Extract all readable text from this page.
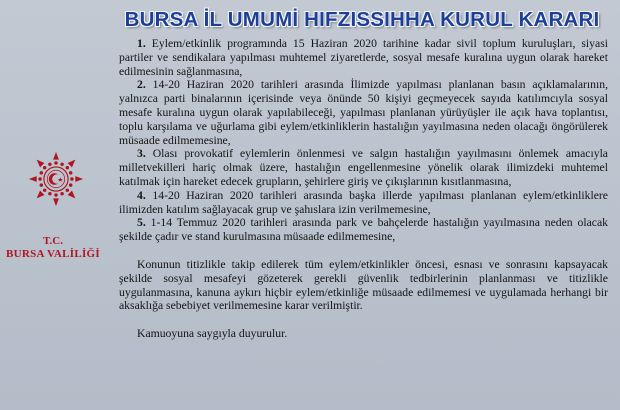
BURSA İL UMUMİ HIFZISSIHHA KURUL KARARI
T.C.
BURSA VALİLİĞİ

1. Eylem/etkinlik programında 15 Haziran 2020 tarihine kadar sivil toplum kuruluşları, siyasi partiler ve sendikalara yapılması muhtemel ziyaretlerde, sosyal mesafe kuralına uygun olarak hareket edilmesinin sağlanmasına,

2. 14-20 Haziran 2020 tarihleri arasında İlimizde yapılması planlanan basın açıklamalarının, yalnızca parti binalarının içerisinde veya önünde 50 kişiyi geçmeyecek sayıda katılımcıyla sosyal mesafe kuralına uygun olarak yapılabileceği, yapılması planlanan yürüyüşler ile açık hava toplantısı, toplu karşılama ve uğurlama gibi eylem/etkinliklerin hastalığın yayılmasına neden olacağı öngörülerek müsaade edilmemesine,

3. Olası provokatif eylemlerin önlenmesi ve salgın hastalığın yayılmasını önlemek amacıyla milletvekilleri hariç olmak üzere, hastalığın engellenmesine yönelik olarak ilimizdeki muhtemel katılmak için hareket edecek grupların, şehirlere giriş ve çıkışlarının kısıtlanmasına,

4. 14-20 Haziran 2020 tarihleri arasında başka illerde yapılması planlanan eylem/etkinliklere ilimizden katılım sağlayacak grup ve şahıslara izin verilmemesine,

5. 1-14 Temmuz 2020 tarihleri arasında park ve bahçelerde hastalığın yayılmasına neden olacak şekilde çadır ve stand kurulmasına müsaade edilmemesine,

Konunun titizlikle takip edilerek tüm eylem/etkinlikler öncesi, esnası ve sonrasını kapsayacak şekilde sosyal mesafeyi gözeterek gerekli güvenlik tedbirlerinin planlanması ve titizlikle uygulanmasına, kanuna aykırı hiçbir eylem/etkinliğe müsaade edilmemesi ve uygulamada herhangi bir aksaklığa sebebiyet verilmemesine karar verilmiştir.

Kamuoyuna saygıyla duyurulur.
